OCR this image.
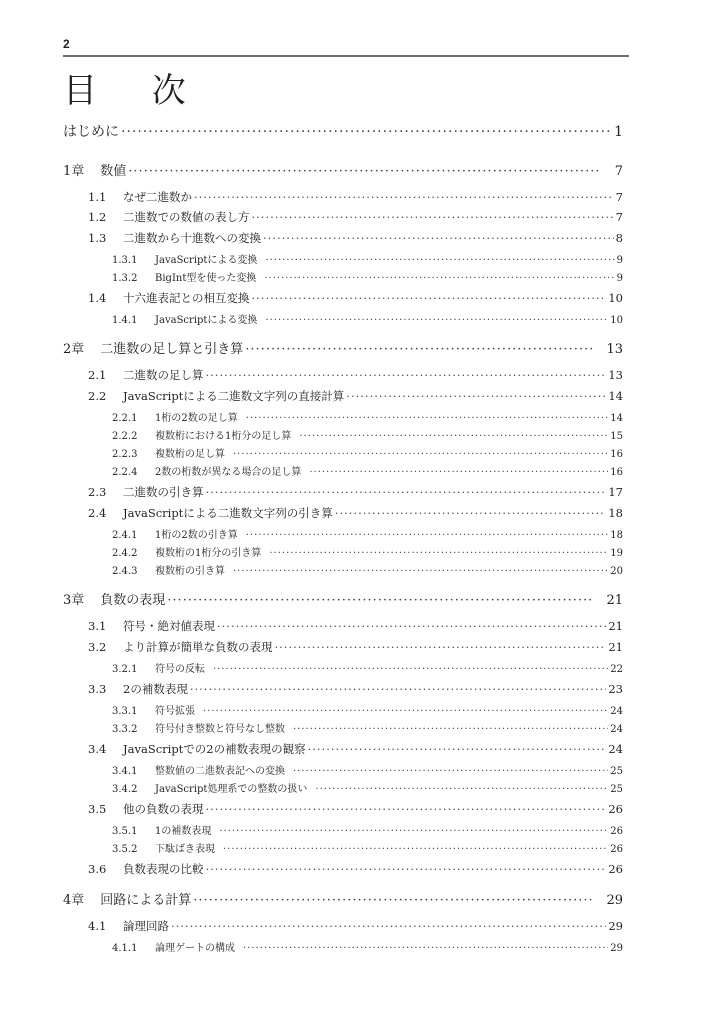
2
目 次
はじめに ·····	1
1章 数値 ·····	7
1.1	なぜ二進数か ·····	7
1.2	二進数での数値の表し方 ·····	7
1.3	二進数から十進数への変換 ·····	8
1.3.1	JavaScriptによる変換 ·····	9
1.3.2	BigInt型を使った変換 ·····	9
1.4	十六進表記との相互変換 ·····	10
1.4.1	JavaScriptによる変換 ·····	10
2章 二進数の足し算と引き算 ·····	13
2.1	二進数の足し算 ·····	13
2.2	JavaScriptによる二進数文字列の直接計算 ·····	14
2.2.1	1桁の2数の足し算 ·····	14
2.2.2	複数桁における1桁分の足し算 ·····	15
2.2.3	複数桁の足し算 ·····	16
2.2.4	2数の桁数が異なる場合の足し算 ·····	16
2.3	二進数の引き算 ·····	17
2.4	JavaScriptによる二進数文字列の引き算 ·····	18
2.4.1	1桁の2数の引き算 ·····	18
2.4.2	複数桁の1桁分の引き算 ·····	19
2.4.3	複数桁の引き算 ·····	20
3章 負数の表現 ·····	21
3.1	符号・絶対値表現 ·····	21
3.2	より計算が簡単な負数の表現 ·····	21
3.2.1	符号の反転 ·····	22
3.3	2の補数表現 ·····	23
3.3.1	符号拡張 ·····	24
3.3.2	符号付き整数と符号なし整数 ·····	24
3.4	JavaScriptでの2の補数表現の観察 ·····	24
3.4.1	整数値の二進数表記への変換 ·····	25
3.4.2	JavaScript処理系での整数の扱い ·····	25
3.5	他の負数の表現 ·····	26
3.5.1	1の補数表現 ·····	26
3.5.2	下駄ばき表現 ·····	26
3.6	負数表現の比較 ·····	26
4章 回路による計算 ·····	29
4.1	論理回路 ·····	29
4.1.1	論理ゲートの構成 ·····	29
